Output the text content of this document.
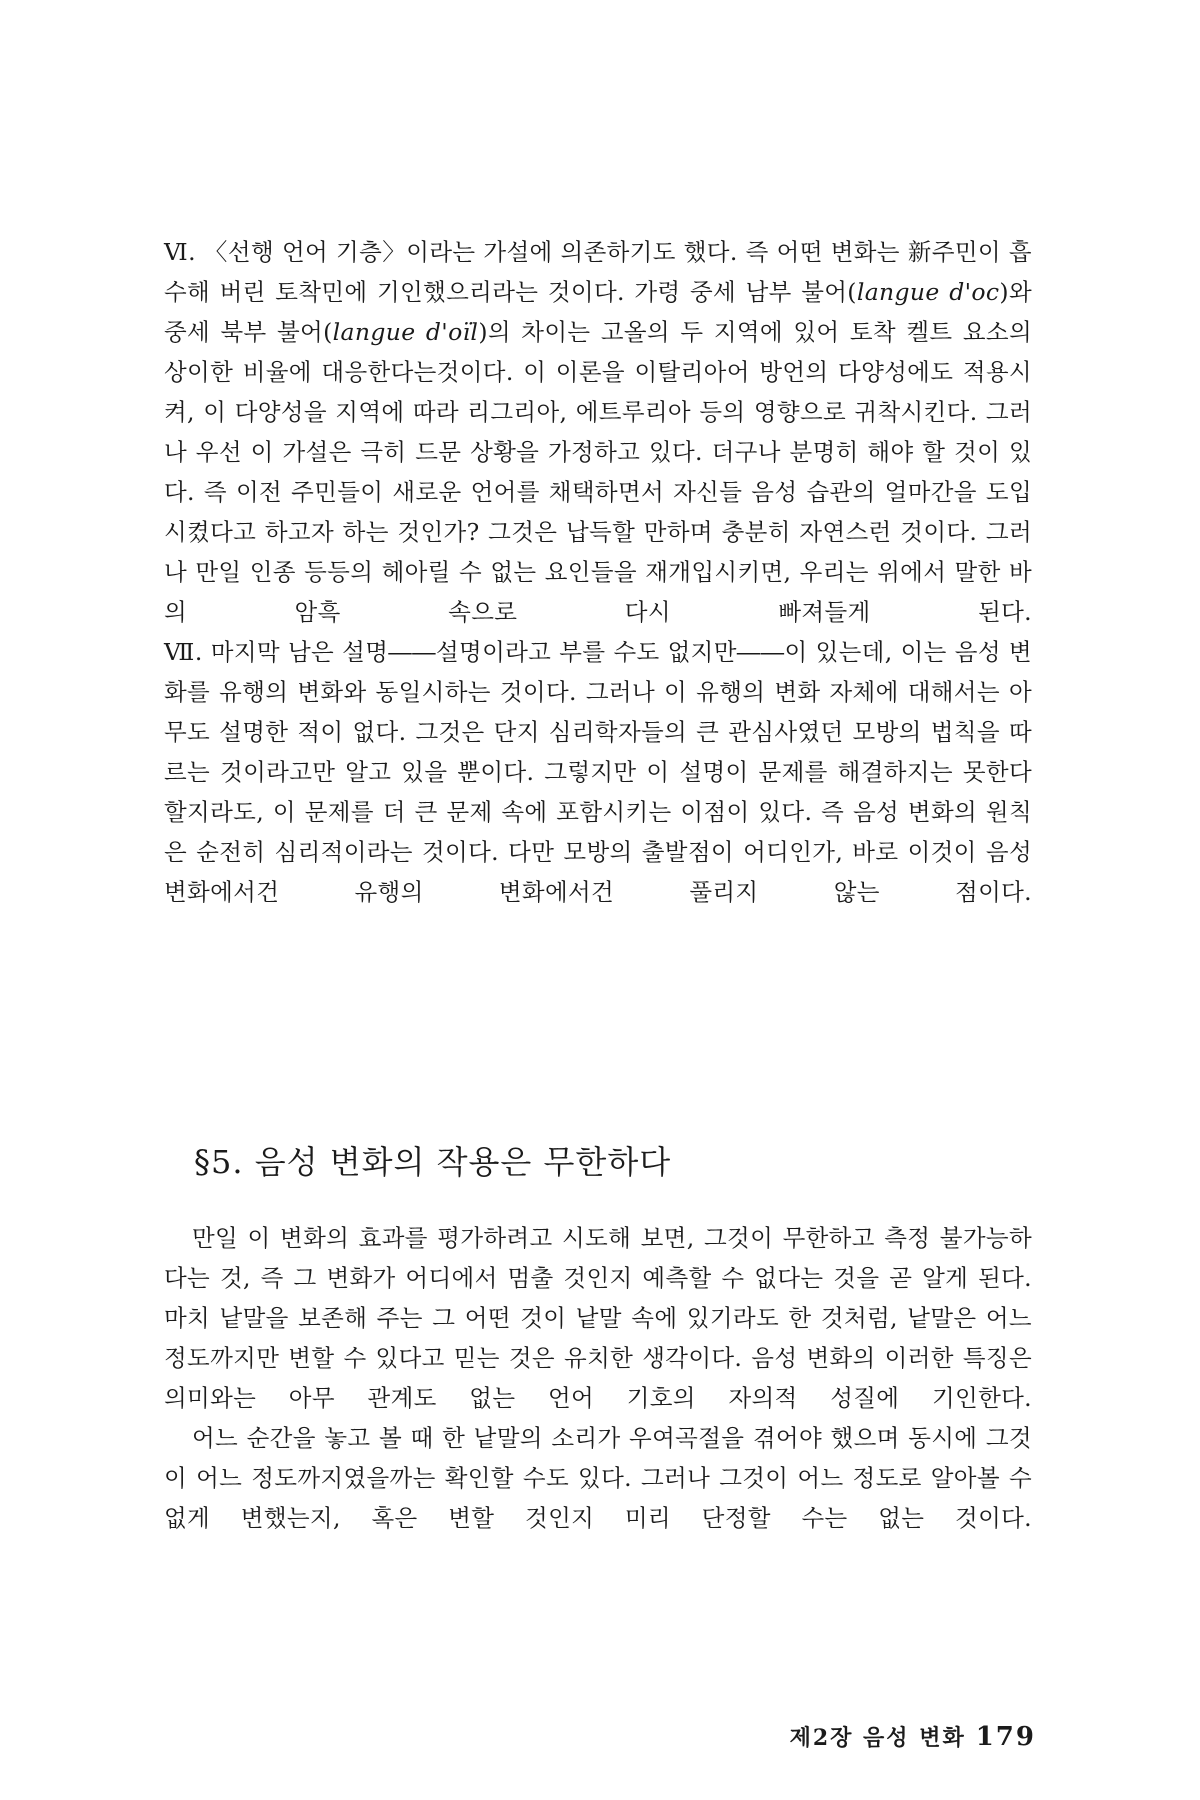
Ⅵ. 〈선행 언어 기층〉이라는 가설에 의존하기도 했다. 즉 어떤 변화는 新주민이 흡수해 버린 토착민에 기인했으리라는 것이다. 가령 중세 남부 불어(langue d'oc)와 중세 북부 불어(langue d'oïl)의 차이는 고올의 두 지역에 있어 토착 켈트 요소의 상이한 비율에 대응한다는것이다. 이 이론을 이탈리아어 방언의 다양성에도 적용시켜, 이 다양성을 지역에 따라 리그리아, 에트루리아 등의 영향으로 귀착시킨다. 그러나 우선 이 가설은 극히 드문 상황을 가정하고 있다. 더구나 분명히 해야 할 것이 있다. 즉 이전 주민들이 새로운 언어를 채택하면서 자신들 음성 습관의 얼마간을 도입시켰다고 하고자 하는 것인가? 그것은 납득할 만하며 충분히 자연스런 것이다. 그러나 만일 인종 등등의 헤아릴 수 없는 요인들을 재개입시키면, 우리는 위에서 말한 바의 암흑 속으로 다시 빠져들게 된다.

Ⅶ. 마지막 남은 설명――설명이라고 부를 수도 없지만――이 있는데, 이는 음성 변화를 유행의 변화와 동일시하는 것이다. 그러나 이 유행의 변화 자체에 대해서는 아무도 설명한 적이 없다. 그것은 단지 심리학자들의 큰 관심사였던 모방의 법칙을 따르는 것이라고만 알고 있을 뿐이다. 그렇지만 이 설명이 문제를 해결하지는 못한다 할지라도, 이 문제를 더 큰 문제 속에 포함시키는 이점이 있다. 즉 음성 변화의 원칙은 순전히 심리적이라는 것이다. 다만 모방의 출발점이 어디인가, 바로 이것이 음성 변화에서건 유행의 변화에서건 풀리지 않는 점이다.

§5. 음성 변화의 작용은 무한하다

만일 이 변화의 효과를 평가하려고 시도해 보면, 그것이 무한하고 측정 불가능하다는 것, 즉 그 변화가 어디에서 멈출 것인지 예측할 수 없다는 것을 곧 알게 된다. 마치 낱말을 보존해 주는 그 어떤 것이 낱말 속에 있기라도 한 것처럼, 낱말은 어느 정도까지만 변할 수 있다고 믿는 것은 유치한 생각이다. 음성 변화의 이러한 특징은 의미와는 아무 관계도 없는 언어 기호의 자의적 성질에 기인한다.

어느 순간을 놓고 볼 때 한 낱말의 소리가 우여곡절을 겪어야 했으며 동시에 그것이 어느 정도까지였을까는 확인할 수도 있다. 그러나 그것이 어느 정도로 알아볼 수 없게 변했는지, 혹은 변할 것인지 미리 단정할 수는 없는 것이다.

제2장 음성 변화 179
